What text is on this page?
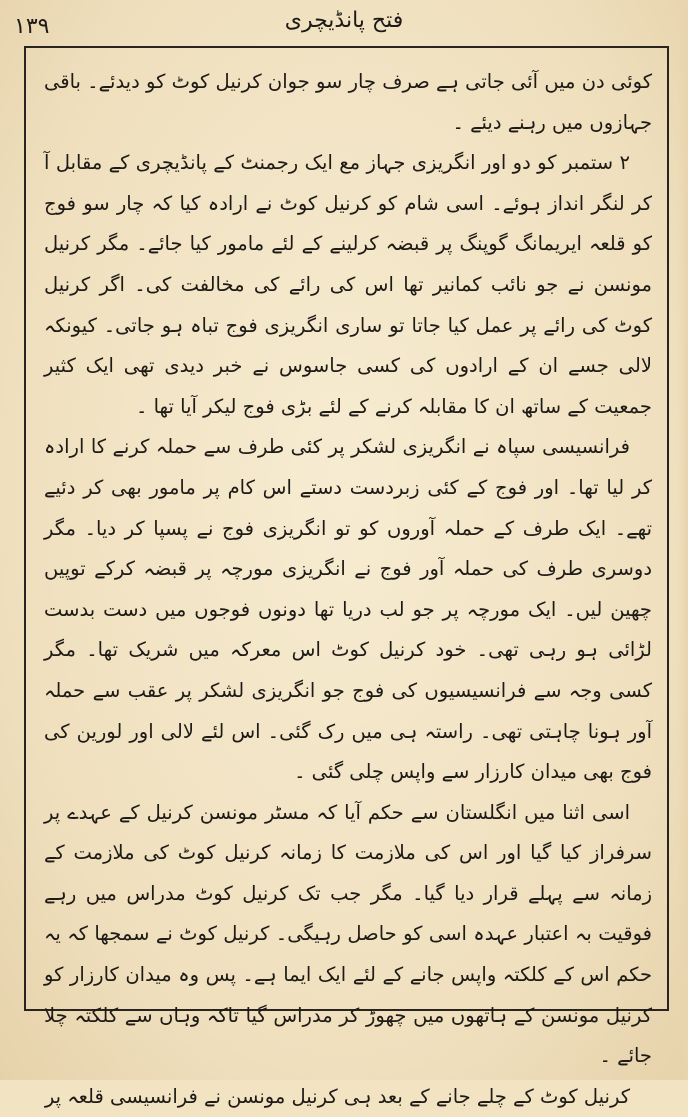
۱۳۹	فتح پانڈیچری

کوئی دن میں آئی جاتی ہے صرف چار سو جوان کرنیل کوٹ کو دیدئے۔ باقی جہازوں میں رہنے دیئے ۔

۲ ستمبر کو دو اور انگریزی جہاز مع ایک رجمنٹ کے پانڈیچری کے مقابل آ کر لنگر انداز ہوئے۔ اسی شام کو کرنیل کوٹ نے ارادہ کیا کہ چار سو فوج کو قلعہ ایریمانگ گوپنگ پر قبضہ کرلینے کے لئے مامور کیا جائے۔ مگر کرنیل مونسن نے جو نائب کمانیر تھا اس کی رائے کی مخالفت کی۔ اگر کرنیل کوٹ کی رائے پر عمل کیا جاتا تو ساری انگریزی فوج تباہ ہو جاتی۔ کیونکہ لالی جسے ان کے ارادوں کی کسی جاسوس نے خبر دیدی تھی ایک کثیر جمعیت کے ساتھ ان کا مقابلہ کرنے کے لئے بڑی فوج لیکر آیا تھا ۔

فرانسیسی سپاہ نے انگریزی لشکر پر کئی طرف سے حملہ کرنے کا ارادہ کر لیا تھا۔ اور فوج کے کئی زبردست دستے اس کام پر مامور بھی کر دئیے تھے۔ ایک طرف کے حملہ آوروں کو تو انگریزی فوج نے پسپا کر دیا۔ مگر دوسری طرف کی حملہ آور فوج نے انگریزی مورچہ پر قبضہ کرکے توپیں چھین لیں۔ ایک مورچہ پر جو لب دریا تھا دونوں فوجوں میں دست بدست لڑائی ہو رہی تھی۔ خود کرنیل کوٹ اس معرکہ میں شریک تھا۔ مگر کسی وجہ سے فرانسیسیوں کی فوج جو انگریزی لشکر پر عقب سے حملہ آور ہونا چاہتی تھی۔ راستہ ہی میں رک گئی۔ اس لئے لالی اور لورین کی فوج بھی میدان کارزار سے واپس چلی گئی ۔

اسی اثنا میں انگلستان سے حکم آیا کہ مسٹر مونسن کرنیل کے عہدے پر سرفراز کیا گیا اور اس کی ملازمت کا زمانہ کرنیل کوٹ کی ملازمت کے زمانہ سے پہلے قرار دیا گیا۔ مگر جب تک کرنیل کوٹ مدراس میں رہے فوقیت بہ اعتبار عہدہ اسی کو حاصل رہیگی۔ کرنیل کوٹ نے سمجھا کہ یہ حکم اس کے کلکتہ واپس جانے کے لئے ایک ایما ہے۔ پس وہ میدان کارزار کو کرنیل مونسن کے ہاتھوں میں چھوڑ کر مدراس گیا تاکہ وہاں سے کلکتہ چلا جائے ۔

کرنیل کوٹ کے چلے جانے کے بعد ہی کرنیل مونسن نے فرانسیسی قلعہ پر
